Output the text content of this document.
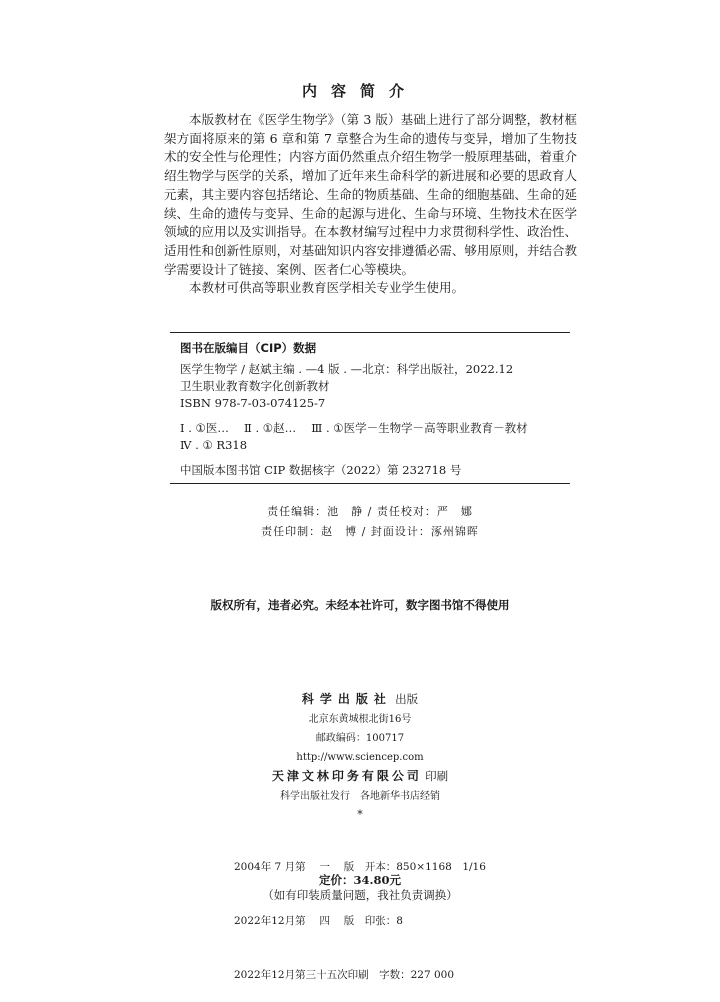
内容简介

本版教材在《医学生物学》（第 3 版）基础上进行了部分调整，教材框架方面将原来的第 6 章和第 7 章整合为生命的遗传与变异，增加了生物技术的安全性与伦理性；内容方面仍然重点介绍生物学一般原理基础，着重介绍生物学与医学的关系，增加了近年来生命科学的新进展和必要的思政育人元素，其主要内容包括绪论、生命的物质基础、生命的细胞基础、生命的延续、生命的遗传与变异、生命的起源与进化、生命与环境、生物技术在医学领域的应用以及实训指导。在本教材编写过程中力求贯彻科学性、政治性、适用性和创新性原则，对基础知识内容安排遵循必需、够用原则，并结合教学需要设计了链接、案例、医者仁心等模块。

本教材可供高等职业教育医学相关专业学生使用。

图书在版编目（CIP）数据
医学生物学 / 赵斌主编 . —4 版 . —北京：科学出版社，2022.12
卫生职业教育数字化创新教材
ISBN 978-7-03-074125-7
Ⅰ . ①医…　 Ⅱ . ①赵…　 Ⅲ . ①医学－生物学－高等职业教育－教材
Ⅳ . ① R318
中国版本图书馆 CIP 数据核字（2022）第 232718 号
责任编辑：池　静 / 责任校对：严　娜
责任印制：赵　博 / 封面设计：涿州锦晖
版权所有，违者必究。未经本社许可，数字图书馆不得使用
科学出版社 出版
北京东黄城根北街16号
邮政编码：100717
http://www.sciencep.com
天津文林印务有限公司 印刷
科学出版社发行　各地新华书店经销
*

2004年 7 月第　 一　 版　开本：850×1168　1/16

2022年12月第　 四　 版　印张：8

2022年12月第三十五次印刷　字数：227 000

定价：34.80元
（如有印装质量问题，我社负责调换）
